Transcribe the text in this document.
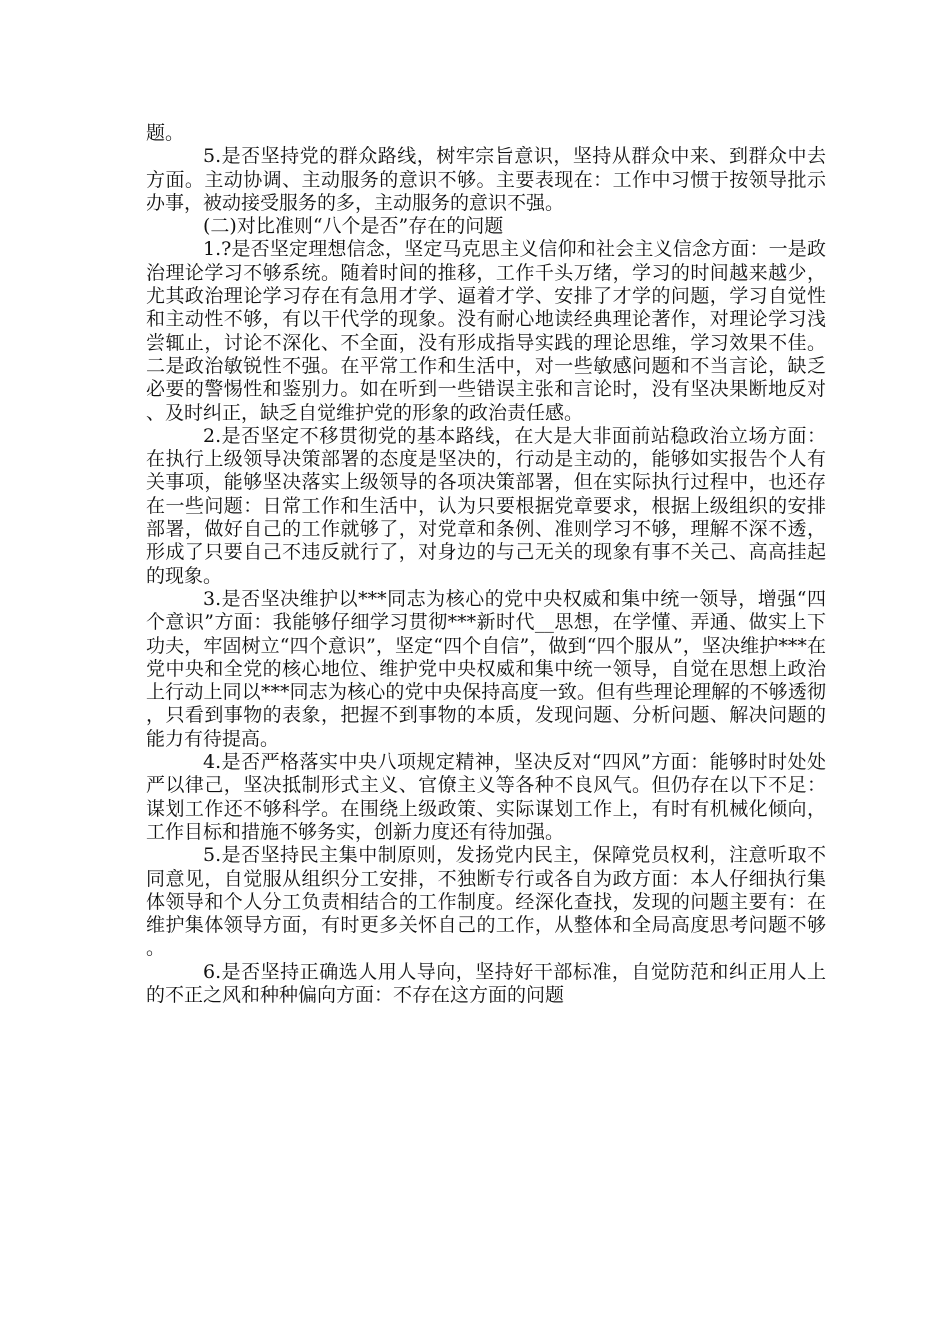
题。

5.是否坚持党的群众路线，树牢宗旨意识，坚持从群众中来、到群众中去方面。主动协调、主动服务的意识不够。主要表现在：工作中习惯于按领导批示办事，被动接受服务的多，主动服务的意识不强。

(二)对比准则“八个是否”存在的问题

1.?是否坚定理想信念，坚定马克思主义信仰和社会主义信念方面：一是政治理论学习不够系统。随着时间的推移，工作千头万绪，学习的时间越来越少，尤其政治理论学习存在有急用才学、逼着才学、安排了才学的问题，学习自觉性和主动性不够，有以干代学的现象。没有耐心地读经典理论著作，对理论学习浅尝辄止，讨论不深化、不全面，没有形成指导实践的理论思维，学习效果不佳。二是政治敏锐性不强。在平常工作和生活中，对一些敏感问题和不当言论，缺乏必要的警惕性和鉴别力。如在听到一些错误主张和言论时，没有坚决果断地反对、及时纠正，缺乏自觉维护党的形象的政治责任感。

2.是否坚定不移贯彻党的基本路线，在大是大非面前站稳政治立场方面：在执行上级领导决策部署的态度是坚决的，行动是主动的，能够如实报告个人有关事项，能够坚决落实上级领导的各项决策部署，但在实际执行过程中，也还存在一些问题：日常工作和生活中，认为只要根据党章要求，根据上级组织的安排部署，做好自己的工作就够了，对党章和条例、准则学习不够，理解不深不透，形成了只要自己不违反就行了，对身边的与己无关的现象有事不关己、高高挂起的现象。

3.是否坚决维护以***同志为核心的党中央权威和集中统一领导，增强“四个意识”方面：我能够仔细学习贯彻***新时代__思想，在学懂、弄通、做实上下功夫，牢固树立“四个意识”，坚定“四个自信”，做到“四个服从”，坚决维护***在党中央和全党的核心地位、维护党中央权威和集中统一领导，自觉在思想上政治上行动上同以***同志为核心的党中央保持高度一致。但有些理论理解的不够透彻，只看到事物的表象，把握不到事物的本质，发现问题、分析问题、解决问题的能力有待提高。

4.是否严格落实中央八项规定精神，坚决反对“四风”方面：能够时时处处严以律己，坚决抵制形式主义、官僚主义等各种不良风气。但仍存在以下不足：谋划工作还不够科学。在围绕上级政策、实际谋划工作上，有时有机械化倾向，工作目标和措施不够务实，创新力度还有待加强。

5.是否坚持民主集中制原则，发扬党内民主，保障党员权利，注意听取不同意见，自觉服从组织分工安排，不独断专行或各自为政方面：本人仔细执行集体领导和个人分工负责相结合的工作制度。经深化查找，发现的问题主要有：在维护集体领导方面，有时更多关怀自己的工作，从整体和全局高度思考问题不够。

6.是否坚持正确选人用人导向，坚持好干部标准，自觉防范和纠正用人上的不正之风和种种偏向方面：不存在这方面的问题
